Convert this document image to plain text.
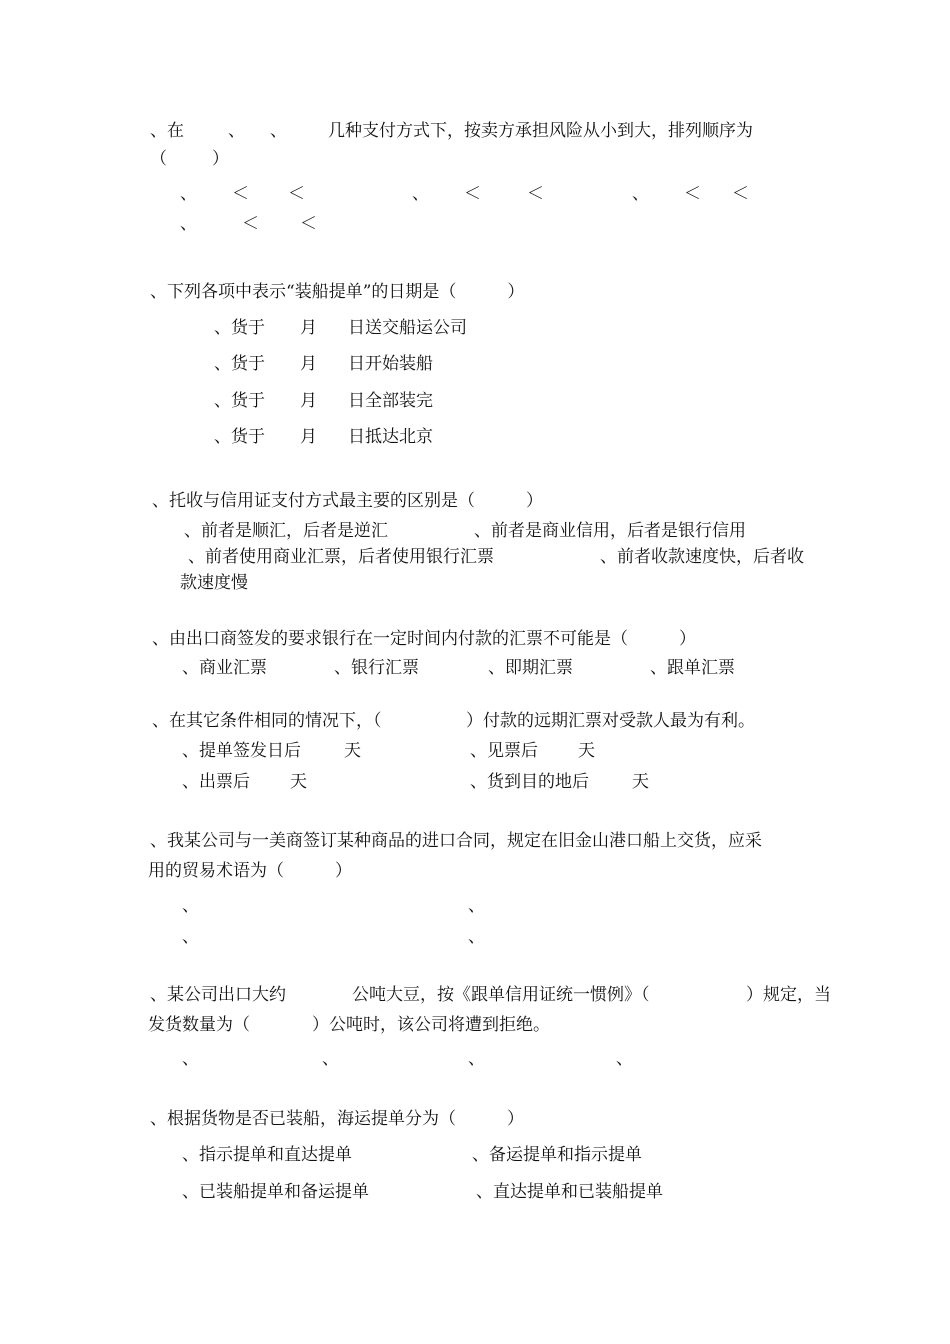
、在	、 、 几种支付方式下，按卖方承担风险从小到大，排列顺序为
（	）
、 ＜ ＜	、 ＜	＜	、 ＜ ＜
、	＜ ＜
、下列各项中表示“装船提单”的日期是（　　　）
、货于 月 日送交船运公司
、货于 月 日开始装船
、货于 月 日全部装完
、货于 月 日抵达北京
、托收与信用证支付方式最主要的区别是（　　　）
、前者是顺汇，后者是逆汇	、前者是商业信用，后者是银行信用
、前者使用商业汇票，后者使用银行汇票	、前者收款速度快，后者收
款速度慢
、由出口商签发的要求银行在一定时间内付款的汇票不可能是（　　　）
、商业汇票	、银行汇票	、即期汇票	、跟单汇票
、在其它条件相同的情况下，（	）付款的远期汇票对受款人最为有利。
、提单签发日后	天	、见票后 天
、出票后 天	、货到目的地后	天
、我某公司与一美商签订某种商品的进口合同，规定在旧金山港口船上交货，应采
用的贸易术语为（　　　）
、	、
、	、
、某公司出口大约	公吨大豆，按《跟单信用证统一惯例》（	）规定，当
发货数量为（	）公吨时，该公司将遭到拒绝。
、	、	、	、
、根据货物是否已装船，海运提单分为（　　　）
、指示提单和直达提单	、备运提单和指示提单
、已装船提单和备运提单	、直达提单和已装船提单
